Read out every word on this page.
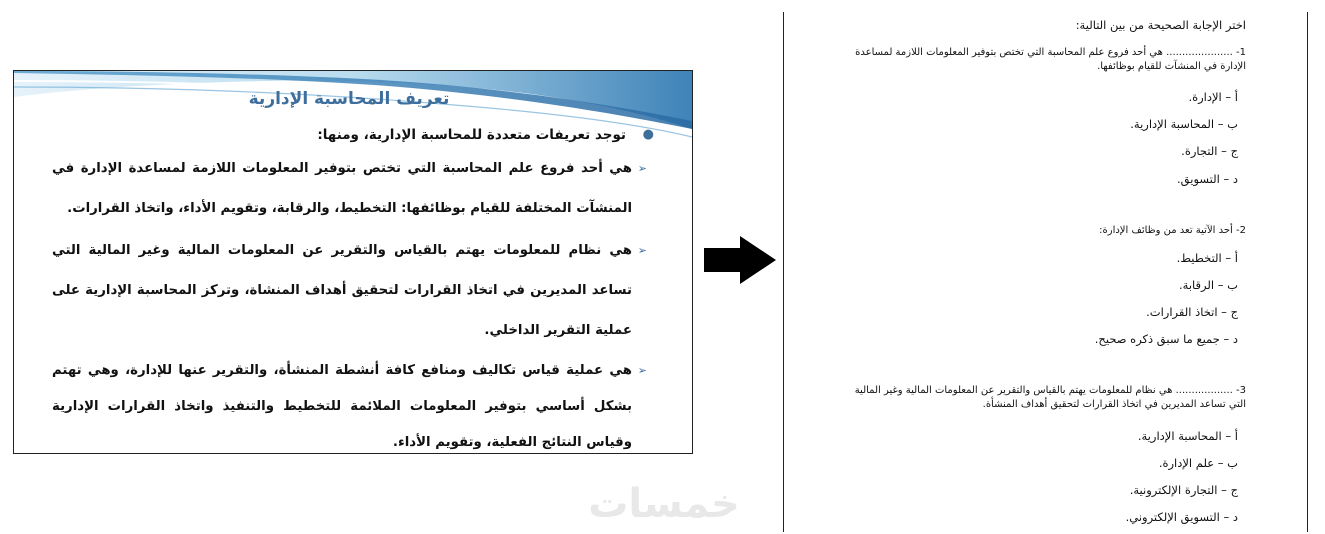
تعريف المحاسبة الإدارية
●
توجد تعريفات متعددة للمحاسبة الإدارية، ومنها:
➢
هي أحد فروع علم المحاسبة التي تختص بتوفير المعلومات اللازمة لمساعدة الإدارة في المنشآت المختلفة للقيام بوظائفها: التخطيط، والرقابة، وتقويم الأداء، واتخاذ القرارات.
➢
هي نظام للمعلومات يهتم بالقياس والتقرير عن المعلومات المالية وغير المالية التي تساعد المديرين في اتخاذ القرارات لتحقيق أهداف المنشاة، وتركز المحاسبة الإدارية على عملية التقرير الداخلي.
➢
هي عملية قياس تكاليف ومنافع كافة أنشطة المنشأة، والتقرير عنها للإدارة، وهي تهتم بشكل أساسي بتوفير المعلومات الملائمة للتخطيط والتنفيذ واتخاذ القرارات الإدارية وقياس النتائج الفعلية، وتقويم الأداء.
خمسات
اختر الإجابة الصحيحة من بين التالية:
1- ..................... هي أحد فروع علم المحاسبة التي تختص بتوفير المعلومات اللازمة لمساعدة الإدارة في المنشآت للقيام بوظائفها.
أ – الإدارة.
ب – المحاسبة الإدارية.
ج – التجارة.
د – التسويق.
2- أحد الآتية تعد من وظائف الإدارة:
أ – التخطيط.
ب – الرقابة.
ج – اتخاذ القرارات.
د – جميع ما سبق ذكره صحيح.
3- .................. هي نظام للمعلومات يهتم بالقياس والتقرير عن المعلومات المالية وغير المالية التي تساعد المديرين في اتخاذ القرارات لتحقيق أهداف المنشأة.
أ – المحاسبة الإدارية.
ب – علم الإدارة.
ج – التجارة الإلكترونية.
د – التسويق الإلكتروني.
